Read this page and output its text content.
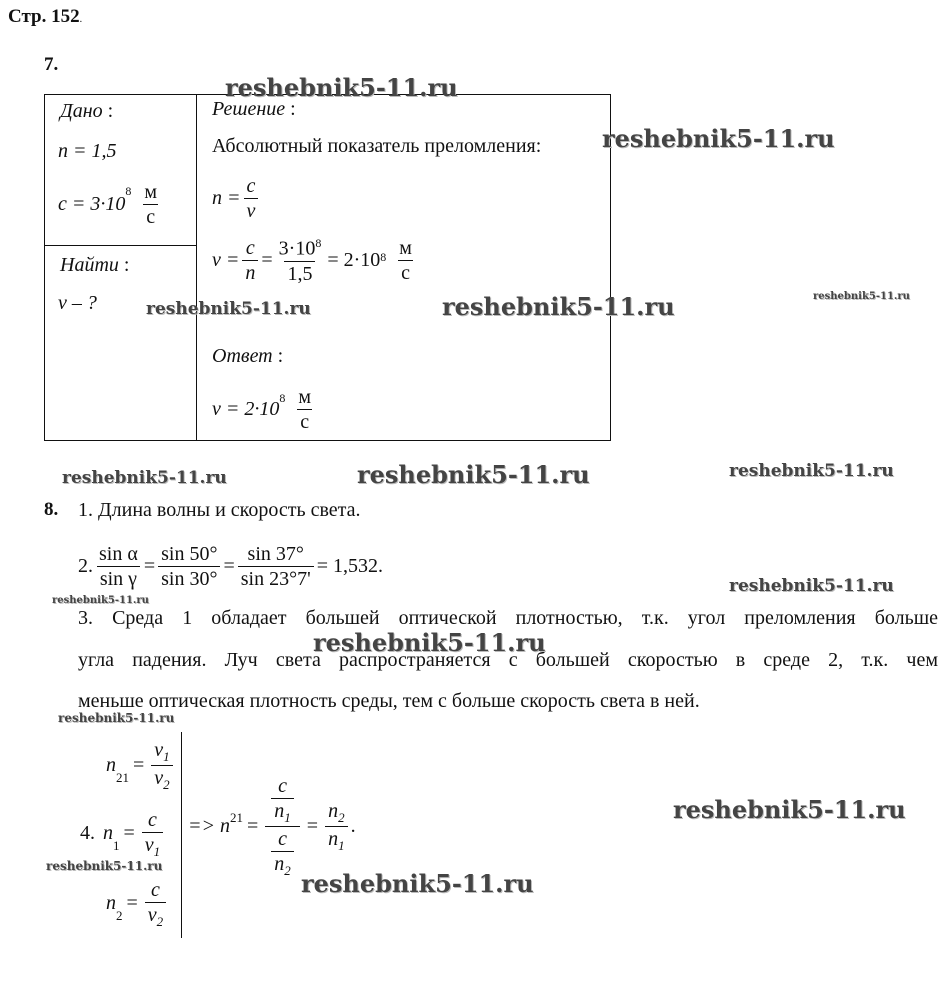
Стр. 152.
7.
Дано :
n = 1,5
c = 3·10
$^8 \frac{м}{с}$
Найти :
v – ?
Решение :
Абсолютный показатель преломления:
$n = \frac{c}{v}$
$v = \frac{c}{n} = \frac{3\cdot 10^8}{1,5} = 2\cdot 10$ $8 \frac{м}{с}$
Ответ :
$v = 2\cdot 10^8 \frac{м}{с}$
8. 1. Длина волны и скорость света.
2. $\frac{\text{sin α}}{\text{sin γ}} = \frac{\sin 50^\circ}{\sin 30^\circ} = \frac{\sin 37^\circ}{\sin 23^\circ 7'} = 1,532$.
3. Среда 1 обладает большей оптической плотностью, т.к. угол преломления больше
угла падения. Луч света распространяется с большей скоростью в среде 2, т.к. чем
меньше оптическая плотность среды, тем с больше скорость света в ней.
n
$_{21}$
= $\frac{v_1}{v_2}$
4. n
$_1$
= $\frac{c}{v_1}$
n
$_2$
= $\frac{c}{v_2}$
=> $n^{21} = \frac{\frac{c}{n_1}}{\frac{c}{n_2}} = \frac{n_2}{n_1}$ .
reshebnik5-11.ru
reshebnik5-11.ru
reshebnik5-11.ru	reshebnik5-11.ru	reshebnik5-11.ru
reshebnik5-11.ru	reshebnik5-11.ru	reshebnik5-11.ru
reshebnik5-11.ru
reshebnik5-11.ru
reshebnik5-11.ru
reshebnik5-11.ru
reshebnik5-11.ru
reshebnik5-11.ru
reshebnik5-11.ru
